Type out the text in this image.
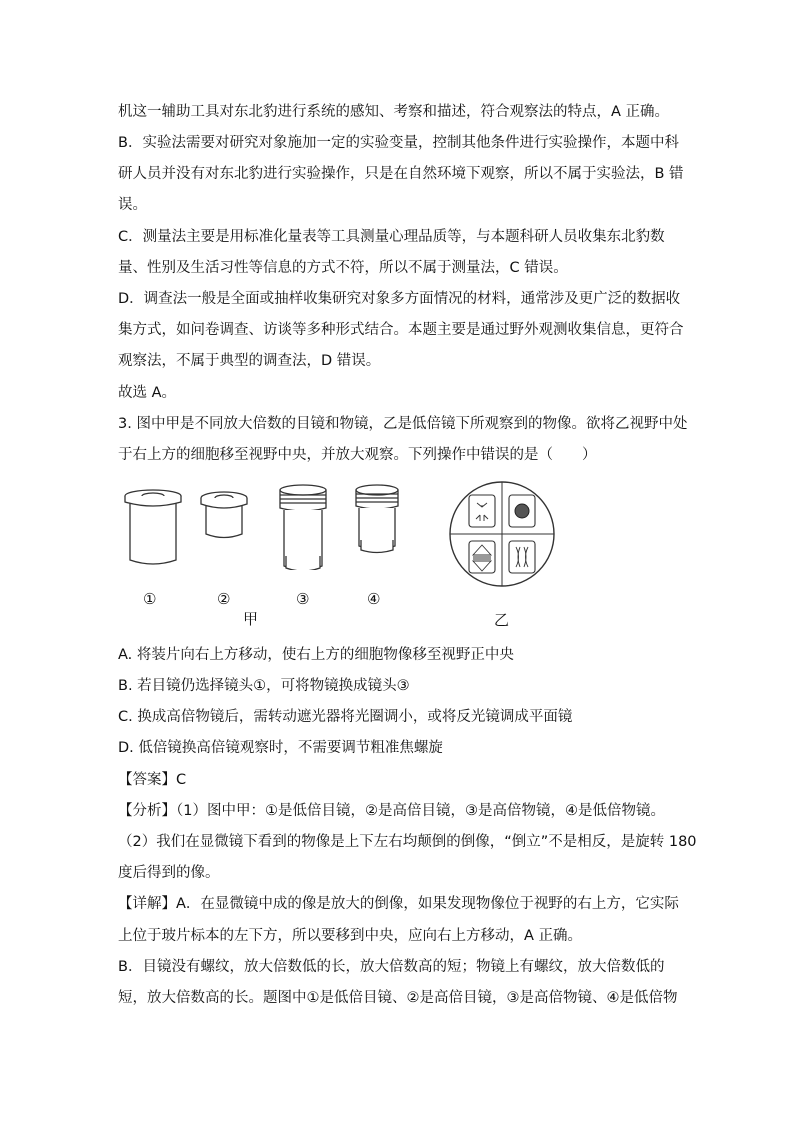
机这一辅助工具对东北豹进行系统的感知、考察和描述，符合观察法的特点，A 正确。
B．实验法需要对研究对象施加一定的实验变量，控制其他条件进行实验操作，本题中科
研人员并没有对东北豹进行实验操作，只是在自然环境下观察，所以不属于实验法，B 错
误。
C．测量法主要是用标准化量表等工具测量心理品质等，与本题科研人员收集东北豹数
量、性别及生活习性等信息的方式不符，所以不属于测量法，C 错误。
D．调查法一般是全面或抽样收集研究对象多方面情况的材料，通常涉及更广泛的数据收
集方式，如问卷调查、访谈等多种形式结合。本题主要是通过野外观测收集信息，更符合
观察法，不属于典型的调查法，D 错误。
故选 A。
3. 图中甲是不同放大倍数的目镜和物镜，乙是低倍镜下所观察到的物像。欲将乙视野中处
于右上方的细胞移至视野中央，并放大观察。下列操作中错误的是（　　）
①	②	③	④
甲	乙
A. 将装片向右上方移动，使右上方的细胞物像移至视野正中央
B. 若目镜仍选择镜头①，可将物镜换成镜头③
C. 换成高倍物镜后，需转动遮光器将光圈调小，或将反光镜调成平面镜
D. 低倍镜换高倍镜观察时，不需要调节粗准焦螺旋
【答案】C
【分析】（1）图中甲：①是低倍目镜，②是高倍目镜，③是高倍物镜，④是低倍物镜。
（2）我们在显微镜下看到的物像是上下左右均颠倒的倒像，“倒立”不是相反，是旋转 180
度后得到的像。
【详解】A．在显微镜中成的像是放大的倒像，如果发现物像位于视野的右上方，它实际
上位于玻片标本的左下方，所以要移到中央，应向右上方移动，A 正确。
B．目镜没有螺纹，放大倍数低的长，放大倍数高的短；物镜上有螺纹，放大倍数低的
短，放大倍数高的长。题图中①是低倍目镜、②是高倍目镜，③是高倍物镜、④是低倍物
